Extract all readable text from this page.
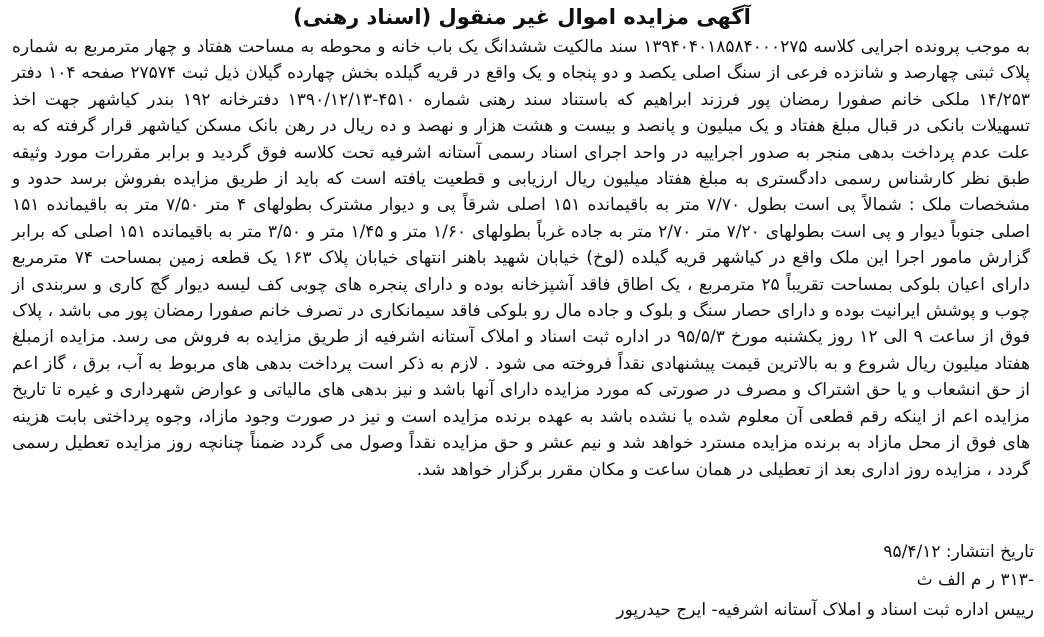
آگهی مزایده اموال غیر منقول (اسناد رهنی)
به موجب پرونده اجرایی کلاسه ۱۳۹۴۰۴۰۱۸۵۸۴۰۰۰۲۷۵ سند مالکیت ششدانگ یک باب خانه و محوطه به مساحت هفتاد و چهار مترمربع به شماره پلاک ثبتی چهارصد و شانزده فرعی از سنگ اصلی یکصد و دو پنجاه و یک واقع در قریه گیلده بخش چهارده گیلان ذیل ثبت ۲۷۵۷۴ صفحه ۱۰۴ دفتر ۱۴/۲۵۳ ملکی خانم صفورا رمضان پور فرزند ابراهیم که باستناد سند رهنی شماره ۴۵۱۰-۱۳۹۰/۱۲/۱۳ دفترخانه ۱۹۲ بندر کیاشهر جهت اخذ تسهیلات بانکی در قبال مبلغ هفتاد و یک میلیون و پانصد و بیست و هشت هزار و نهصد و ده ریال در رهن بانک مسکن کیاشهر قرار گرفته که به علت عدم پرداخت بدهی منجر به صدور اجراییه در واحد اجرای اسناد رسمی آستانه اشرفیه تحت کلاسه فوق گردید و برابر مقررات مورد وثیقه طبق نظر کارشناس رسمی دادگستری به مبلغ هفتاد میلیون ریال ارزیابی و قطعیت یافته است که باید از طریق مزایده بفروش برسد حدود و مشخصات ملک : شمالاً پی است بطول ۷/۷۰ متر به باقیمانده ۱۵۱ اصلی شرقاً پی و دیوار مشترک بطولهای ۴ متر ۷/۵۰ متر به باقیمانده ۱۵۱ اصلی جنوباً دیوار و پی است بطولهای ۷/۲۰ متر ۲/۷۰ متر به جاده غرباً بطولهای ۱/۶۰ متر و ۱/۴۵ متر و ۳/۵۰ متر به باقیمانده ۱۵۱ اصلی که برابر گزارش مامور اجرا این ملک واقع در کیاشهر قریه گیلده (لوخ) خیابان شهید باهنر انتهای خیابان پلاک ۱۶۳ یک قطعه زمین بمساحت ۷۴ مترمربع دارای اعیان بلوکی بمساحت تقریباً ۲۵ مترمربع ، یک اطاق فاقد آشپزخانه بوده و دارای پنجره های چوبی کف لیسه دیوار گچ کاری و سربندی از چوب و پوشش ایرانیت بوده و دارای حصار سنگ و بلوک و جاده مال رو بلوکی فاقد سیمانکاری در تصرف خانم صفورا رمضان پور می باشد ، پلاک فوق از ساعت ۹ الی ۱۲ روز یکشنبه مورخ ۹۵/۵/۳ در اداره ثبت اسناد و املاک آستانه اشرفیه از طریق مزایده به فروش می رسد. مزایده ازمبلغ هفتاد میلیون ریال شروع و به بالاترین قیمت پیشنهادی نقداً فروخته می شود . لازم به ذکر است پرداخت بدهی های مربوط به آب، برق ، گاز اعم از حق انشعاب و یا حق اشتراک و مصرف در صورتی که مورد مزایده دارای آنها باشد و نیز بدهی های مالیاتی و عوارض شهرداری و غیره تا تاریخ مزایده اعم از اینکه رقم قطعی آن معلوم شده یا نشده باشد به عهده برنده مزایده است و نیز در صورت وجود مازاد، وجوه پرداختی بابت هزینه های فوق از محل مازاد به برنده مزایده مسترد خواهد شد و نیم عشر و حق مزایده نقداً وصول می گردد ضمناً چنانچه روز مزایده تعطیل رسمی گردد ، مزایده روز اداری بعد از تعطیلی در همان ساعت و مکان مقرر برگزار خواهد شد.
تاریخ انتشار: ۹۵/۴/۱۲
-۳۱۳ ر م الف ث
رییس اداره ثبت اسناد و املاک آستانه اشرفیه- ایرج حیدرپور
